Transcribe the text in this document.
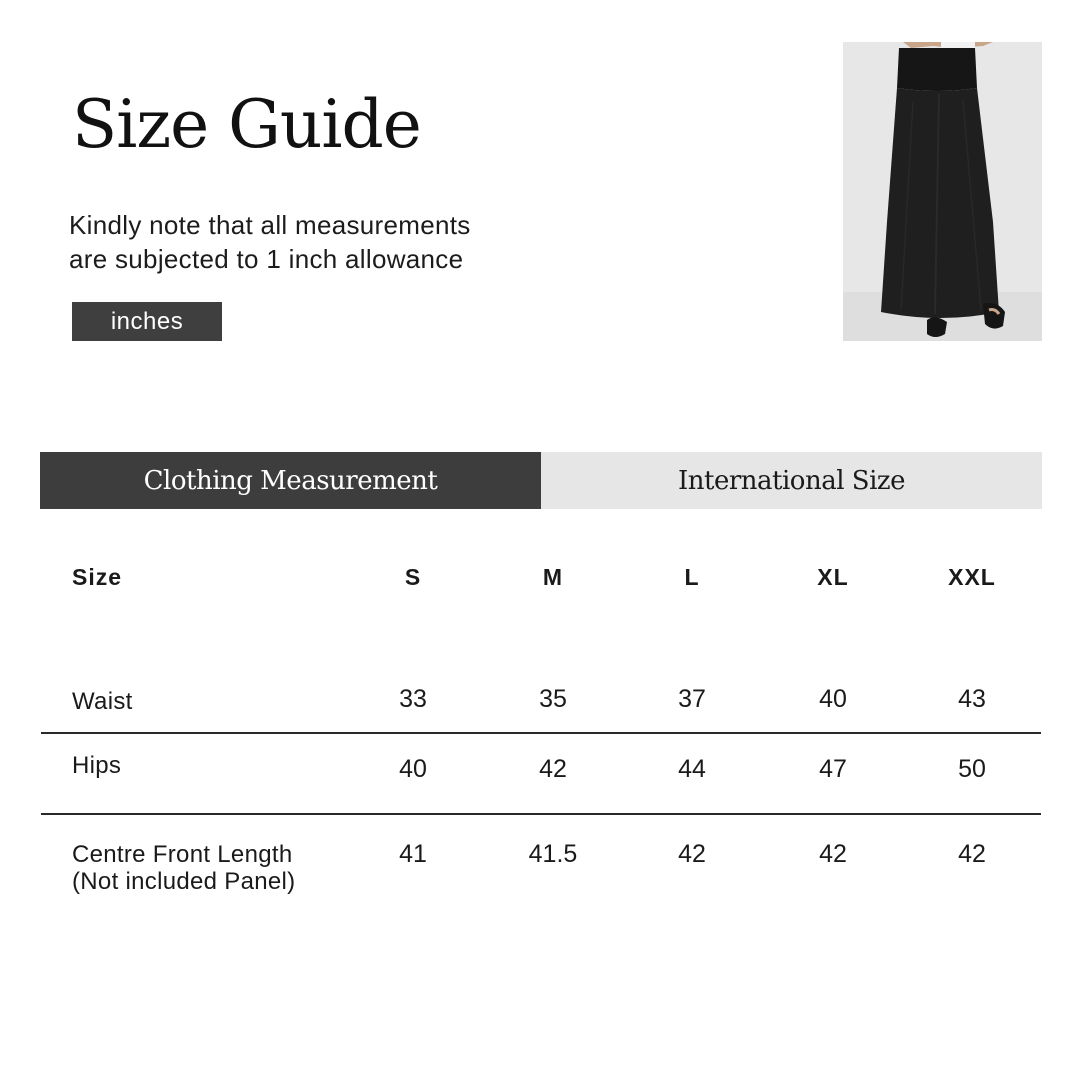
Size Guide
Kindly note that all measurements
are subjected to 1 inch allowance
inches
Clothing Measurement	International Size
Size	S	M	L	XL	XXL
Waist	33	35	37	40	43
Hips	40	42	44	47	50
Centre Front Length
(Not included Panel)
41	41.5	42	42	42
